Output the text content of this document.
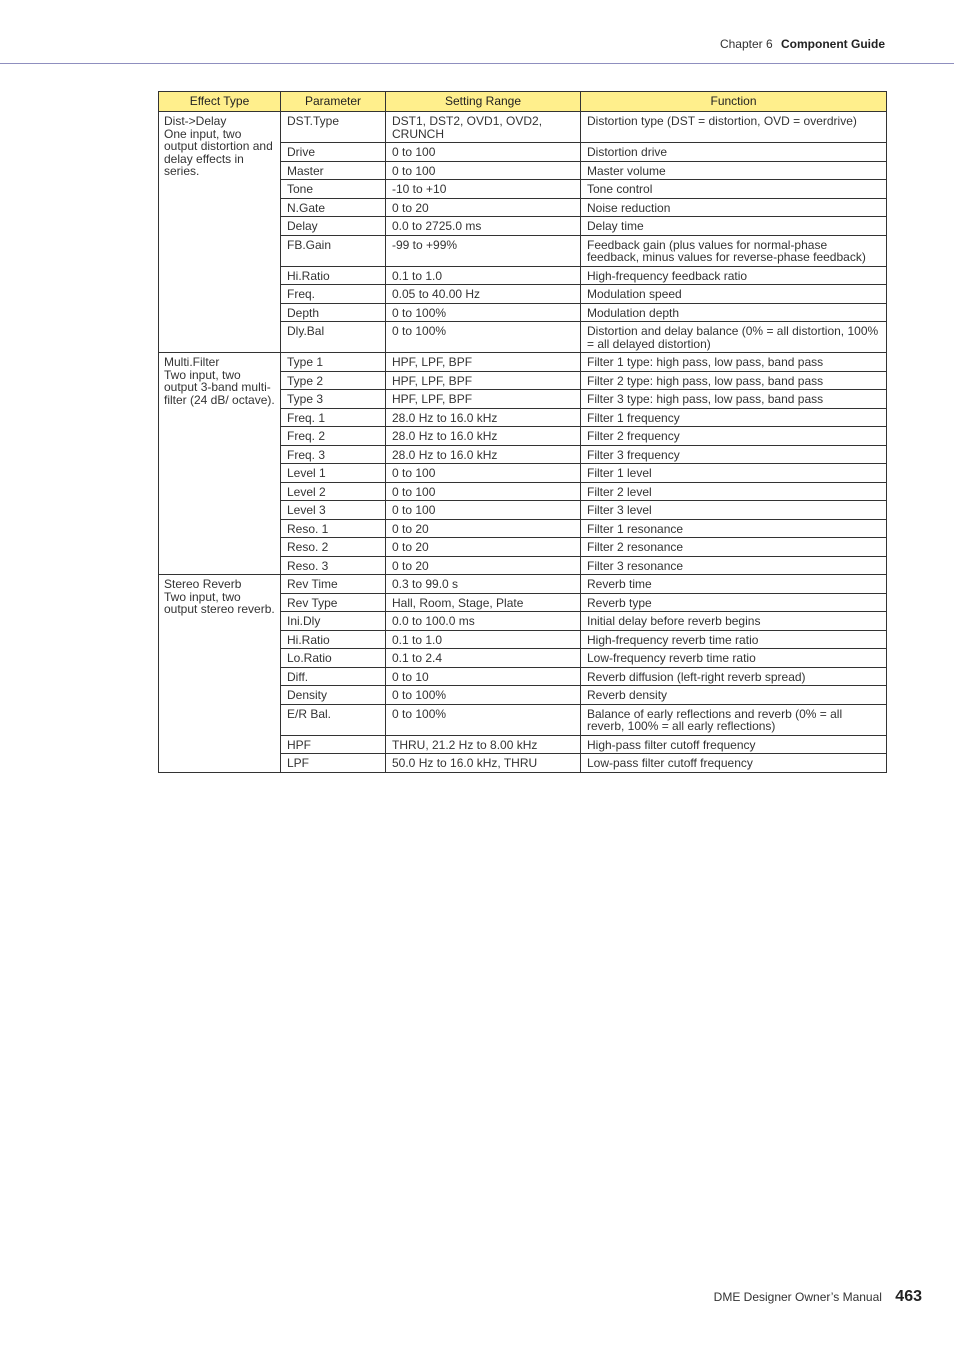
Chapter 6 Component Guide
Effect Type	Parameter	Setting Range	Function

Dist->Delay
One input, two output distortion and delay effects in series.	DST.Type	DST1, DST2, OVD1, OVD2, CRUNCH	Distortion type (DST = distortion, OVD = overdrive)
	Drive	0 to 100	Distortion drive
	Master	0 to 100	Master volume
	Tone	-10 to +10	Tone control
	N.Gate	0 to 20	Noise reduction
	Delay	0.0 to 2725.0 ms	Delay time
	FB.Gain	-99 to +99%	Feedback gain (plus values for normal-phase feedback, minus values for reverse-phase feedback)
	Hi.Ratio	0.1 to 1.0	High-frequency feedback ratio
	Freq.	0.05 to 40.00 Hz	Modulation speed
	Depth	0 to 100%	Modulation depth
	Dly.Bal	0 to 100%	Distortion and delay balance (0% = all distortion, 100% = all delayed distortion)

Multi.Filter
Two input, two output 3-band multi-filter (24 dB/ octave).	Type 1	HPF, LPF, BPF	Filter 1 type: high pass, low pass, band pass
	Type 2	HPF, LPF, BPF	Filter 2 type: high pass, low pass, band pass
	Type 3	HPF, LPF, BPF	Filter 3 type: high pass, low pass, band pass
	Freq. 1	28.0 Hz to 16.0 kHz	Filter 1 frequency
	Freq. 2	28.0 Hz to 16.0 kHz	Filter 2 frequency
	Freq. 3	28.0 Hz to 16.0 kHz	Filter 3 frequency
	Level 1	0 to 100	Filter 1 level
	Level 2	0 to 100	Filter 2 level
	Level 3	0 to 100	Filter 3 level
	Reso. 1	0 to 20	Filter 1 resonance
	Reso. 2	0 to 20	Filter 2 resonance
	Reso. 3	0 to 20	Filter 3 resonance

Stereo Reverb
Two input, two output stereo reverb.	Rev Time	0.3 to 99.0 s	Reverb time
	Rev Type	Hall, Room, Stage, Plate	Reverb type
	Ini.Dly	0.0 to 100.0 ms	Initial delay before reverb begins
	Hi.Ratio	0.1 to 1.0	High-frequency reverb time ratio
	Lo.Ratio	0.1 to 2.4	Low-frequency reverb time ratio
	Diff.	0 to 10	Reverb diffusion (left-right reverb spread)
	Density	0 to 100%	Reverb density
	E/R Bal.	0 to 100%	Balance of early reflections and reverb (0% = all reverb, 100% = all early reflections)
	HPF	THRU, 21.2 Hz to 8.00 kHz	High-pass filter cutoff frequency
	LPF	50.0 Hz to 16.0 kHz, THRU	Low-pass filter cutoff frequency
DME Designer Owner’s Manual 463
